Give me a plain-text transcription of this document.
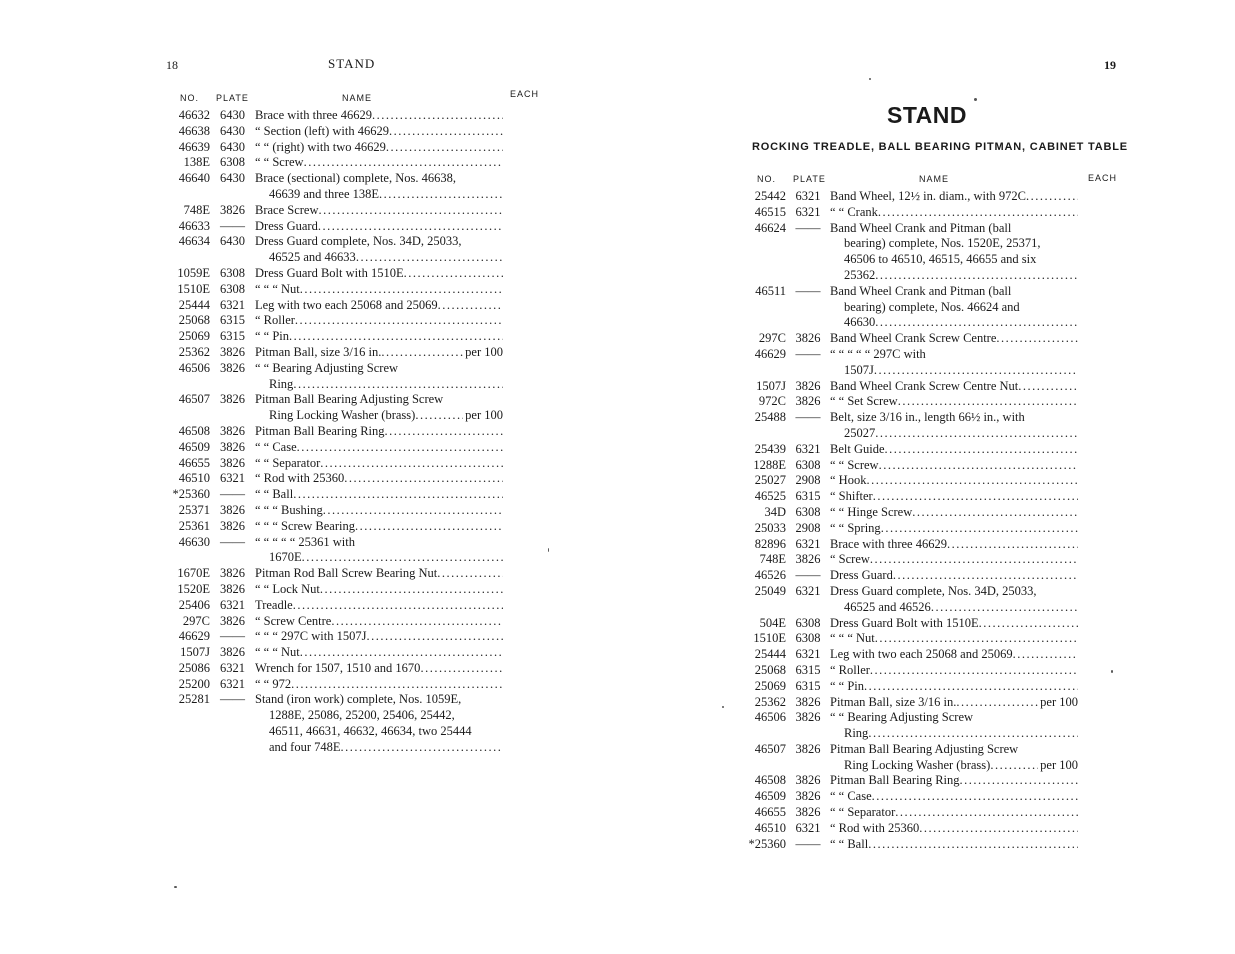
18	STAND
NO. PLATE	NAME	EACH
46632 6430 Brace with three 46629
.....
46638 6430 “ Section (left) with 46629
.....
46639 6430 “ “ (right) with two 46629
.....
138E 6308 “ “ Screw
.....
46640 6430 Brace (sectional) complete, Nos. 46638,
46639 and three 138E
.....
748E 3826 Brace Screw
.....
46633 —— Dress Guard
.....
46634 6430 Dress Guard complete, Nos. 34D, 25033,
46525 and 46633
.....
1059E 6308 Dress Guard Bolt with 1510E
.....
1510E 6308 “ “ “ Nut
.....
25444 6321 Leg with two each 25068 and 25069
.....
25068 6315 “ Roller
.....
25069 6315 “ “ Pin
.....
25362 3826 Pitman Ball, size 3/16 in. .....	per 100
46506 3826 “ “ Bearing Adjusting Screw
Ring
.....
46507 3826 Pitman Ball Bearing Adjusting Screw
Ring Locking Washer (brass) .....	per 100
46508 3826 Pitman Ball Bearing Ring
.....
46509 3826 “ “ Case
.....
46655 3826 “ “ Separator
.....
46510 6321 “ Rod with 25360
.....
*25360 —— “ “ Ball
.....
25371 3826 “ “ “ Bushing
.....
25361 3826 “ “ “ Screw Bearing
.....
46630 —— “ “ “ “ “ 25361 with
1670E
.....
1670E 3826 Pitman Rod Ball Screw Bearing Nut
.....
1520E 3826 “ “ Lock Nut
.....
25406 6321 Treadle
.....
297C 3826 “ Screw Centre
.....
46629 —— “ “ “ 297C with 1507J
.....
1507J 3826 “ “ “ Nut
.....
25086 6321 Wrench for 1507, 1510 and 1670
.....
25200 6321 “ “ 972
.....
25281 —— Stand (iron work) complete, Nos. 1059E,
1288E, 25086, 25200, 25406, 25442,
46511, 46631, 46632, 46634, two 25444
and four 748E
.....
19
STAND
ROCKING TREADLE, BALL BEARING PITMAN, CABINET TABLE
NO. PLATE	NAME	EACH
25442 6321 Band Wheel, 12½ in. diam., with 972C
.....
46515 6321 “ “ Crank
.....
46624 —— Band Wheel Crank and Pitman (ball
bearing) complete, Nos. 1520E, 25371,
46506 to 46510, 46515, 46655 and six
25362
.....
46511 —— Band Wheel Crank and Pitman (ball
bearing) complete, Nos. 46624 and
46630
.....
297C 3826 Band Wheel Crank Screw Centre
.....
46629 —— “ “ “ “ “ 297C with
1507J
.....
1507J 3826 Band Wheel Crank Screw Centre Nut
.....
972C 3826 “ “ Set Screw
.....
25488 —— Belt, size 3/16 in., length 66½ in., with
25027
.....
25439 6321 Belt Guide
.....
1288E 6308 “ “ Screw
.....
25027 2908 “ Hook
.....
46525 6315 “ Shifter
.....
34D 6308 “ “ Hinge Screw
.....
25033 2908 “ “ Spring
.....
82896 6321 Brace with three 46629
.....
748E 3826 “ Screw
.....
46526 —— Dress Guard
.....
25049 6321 Dress Guard complete, Nos. 34D, 25033,
46525 and 46526
.....
504E 6308 Dress Guard Bolt with 1510E
.....
1510E 6308 “ “ “ Nut
.....
25444 6321 Leg with two each 25068 and 25069
.....
25068 6315 “ Roller
.....
25069 6315 “ “ Pin
.....
25362 3826 Pitman Ball, size 3/16 in. .....	per 100
46506 3826 “ “ Bearing Adjusting Screw
Ring
.....
46507 3826 Pitman Ball Bearing Adjusting Screw
Ring Locking Washer (brass) .....	per 100
46508 3826 Pitman Ball Bearing Ring
.....
46509 3826 “ “ Case
.....
46655 3826 “ “ Separator
.....
46510 6321 “ Rod with 25360
.....
*25360 —— “ “ Ball
.....
